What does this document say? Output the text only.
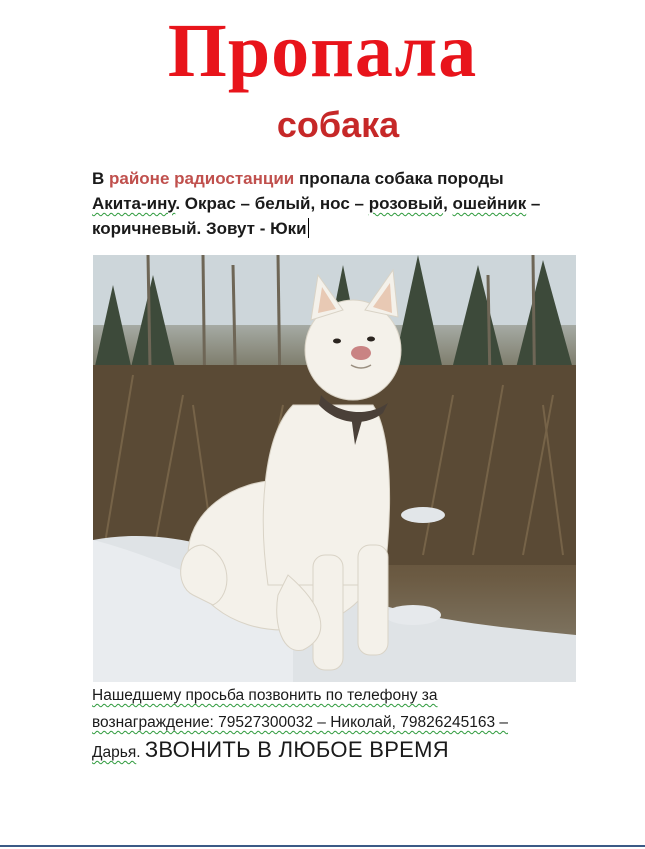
Пропала
собака
В районе радиостанции пропала собака породы
Акита-ину. Окрас – белый, нос – розовый, ошейник –
коричневый. Зовут - Юки
Нашедшему просьба позвонить по телефону за
вознаграждение: 79527300032 – Николай, 79826245163 –
Дарья. ЗВОНИТЬ В ЛЮБОЕ ВРЕМЯ
